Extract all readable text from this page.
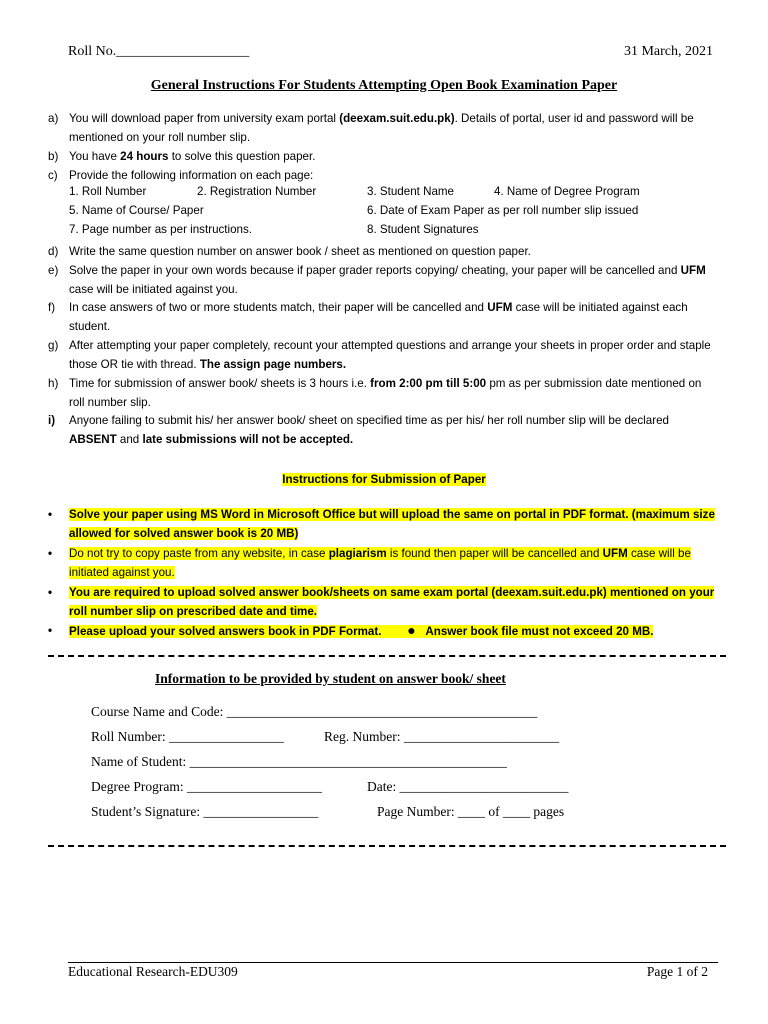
Roll No.___________________	31 March, 2021
General Instructions For Students Attempting Open Book Examination Paper
a) You will download paper from university exam portal (deexam.suit.edu.pk). Details of portal, user id and password will be mentioned on your roll number slip.
b) You have 24 hours to solve this question paper.
c) Provide the following information on each page:
1. Roll Number	2. Registration Number	3. Student Name	4. Name of Degree Program
5. Name of Course/ Paper	6. Date of Exam Paper as per roll number slip issued
7. Page number as per instructions.	8. Student Signatures
d) Write the same question number on answer book / sheet as mentioned on question paper.
e) Solve the paper in your own words because if paper grader reports copying/ cheating, your paper will be cancelled and UFM case will be initiated against you.
f) In case answers of two or more students match, their paper will be cancelled and UFM case will be initiated against each student.
g) After attempting your paper completely, recount your attempted questions and arrange your sheets in proper order and staple those OR tie with thread. The assign page numbers.
h) Time for submission of answer book/ sheets is 3 hours i.e. from 2:00 pm till 5:00 pm as per submission date mentioned on roll number slip.
i) Anyone failing to submit his/ her answer book/ sheet on specified time as per his/ her roll number slip will be declared ABSENT and late submissions will not be accepted.
Instructions for Submission of Paper
• Solve your paper using MS Word in Microsoft Office but will upload the same on portal in PDF format. (maximum size allowed for solved answer book is 20 MB)
• Do not try to copy paste from any website, in case plagiarism is found then paper will be cancelled and UFM case will be initiated against you.
• You are required to upload solved answer book/sheets on same exam portal (deexam.suit.edu.pk) mentioned on your roll number slip on prescribed date and time.
• Please upload your solved answers book in PDF Format. ● Answer book file must not exceed 20 MB.
Information to be provided by student on answer book/ sheet
Course Name and Code: ______________________________________________
Roll Number: _________________	Reg. Number: _______________________
Name of Student: _______________________________________________
Degree Program: ____________________	Date: _________________________
Student’s Signature: _________________	Page Number: ____ of ____ pages
Educational Research-EDU309	Page 1 of 2
